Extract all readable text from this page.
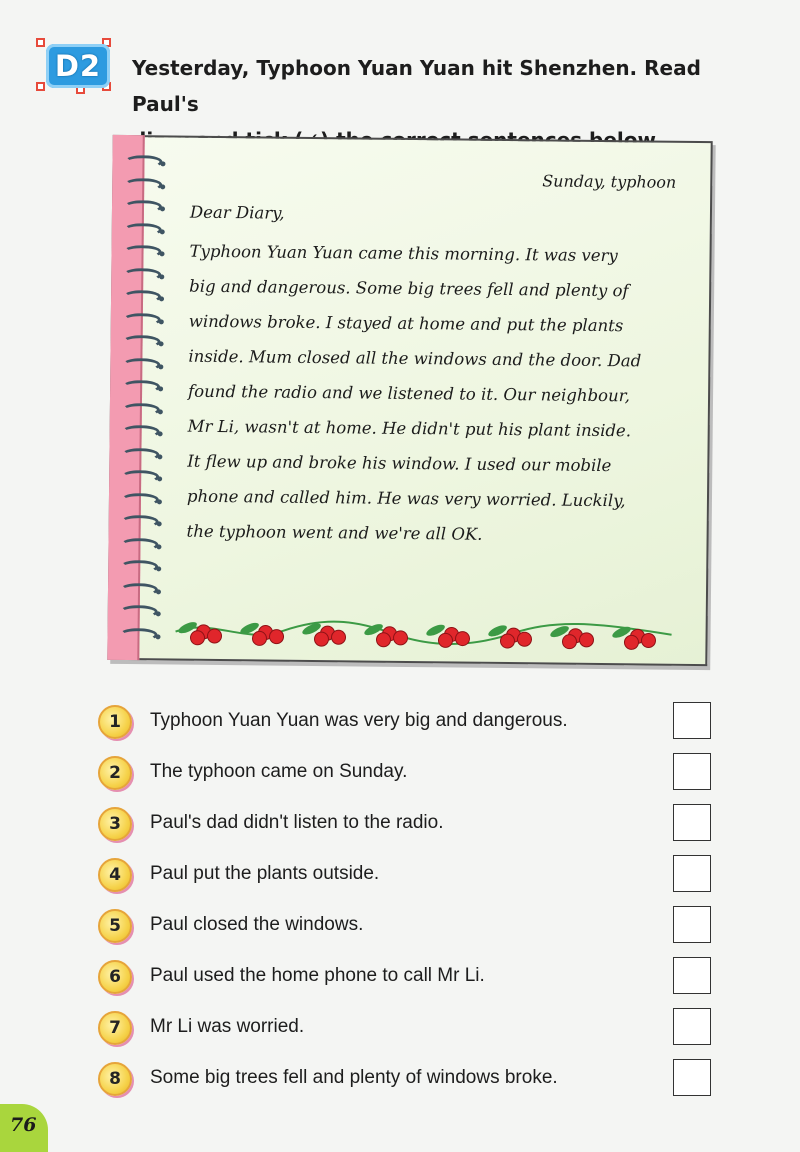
D2	Yesterday, Typhoon Yuan Yuan hit Shenzhen. Read Paul's
Sunday, typhoon
Dear Diary,
Typhoon Yuan Yuan came this morning. It was very
big and dangerous. Some big trees fell and plenty of
windows broke. I stayed at home and put the plants
inside. Mum closed all the windows and the door. Dad
found the radio and we listened to it. Our neighbour,
Mr Li, wasn't at home. He didn't put his plant inside.
It flew up and broke his window. I used our mobile
phone and called him. He was very worried. Luckily,
the typhoon went and we're all OK.
1	Typhoon Yuan Yuan was very big and dangerous.
2	The typhoon came on Sunday.
3	Paul's dad didn't listen to the radio.
4	Paul put the plants outside.
5	Paul closed the windows.
6	Paul used the home phone to call Mr Li.
7	Mr Li was worried.
8	Some big trees fell and plenty of windows broke.
76
